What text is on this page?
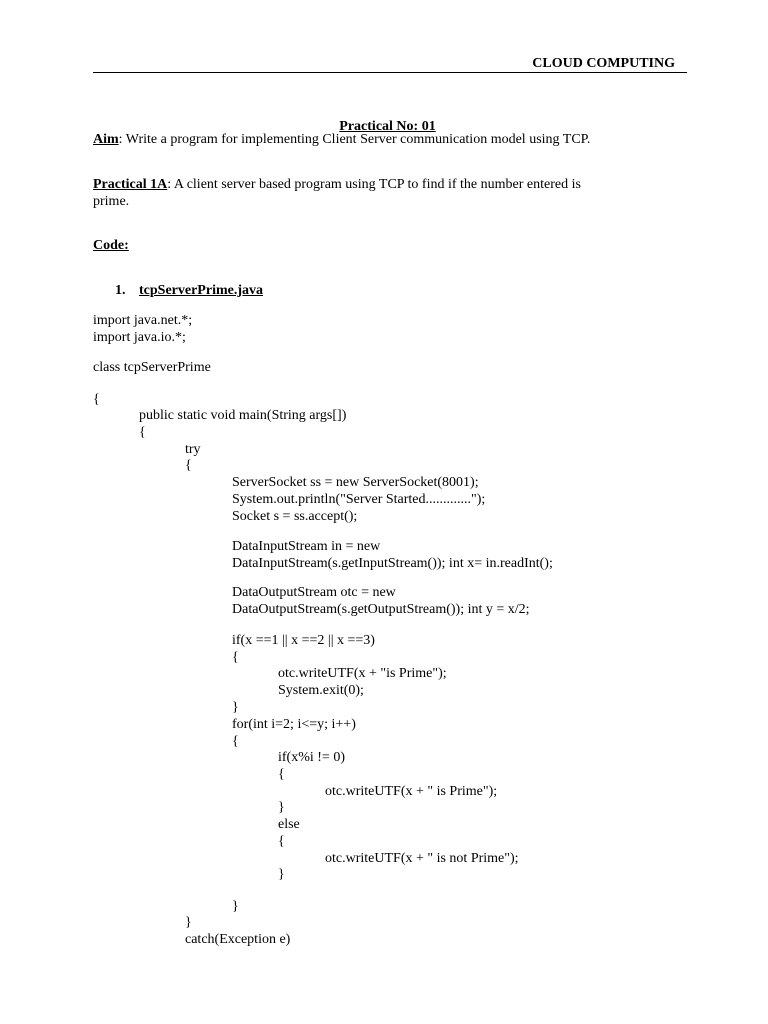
CLOUD COMPUTING

Practical No: 01

Aim: Write a program for implementing Client Server communication model using TCP.
Practical 1A: A client server based program using TCP to find if the number entered is
prime.
Code:
1. tcpServerPrime.java
import java.net.*;
import java.io.*;
class tcpServerPrime
{
public static void main(String args[])
{
try
{
ServerSocket ss = new ServerSocket(8001);
System.out.println("Server Started.............");
Socket s = ss.accept();
DataInputStream in = new
DataInputStream(s.getInputStream()); int x= in.readInt();
DataOutputStream otc = new
DataOutputStream(s.getOutputStream()); int y = x/2;
if(x ==1 || x ==2 || x ==3)
{
otc.writeUTF(x + "is Prime");
System.exit(0);
}
for(int i=2; i<=y; i++)
{
if(x%i != 0)
{
otc.writeUTF(x + " is Prime");
}
else
{
otc.writeUTF(x + " is not Prime");
}
}
}
catch(Exception e)
